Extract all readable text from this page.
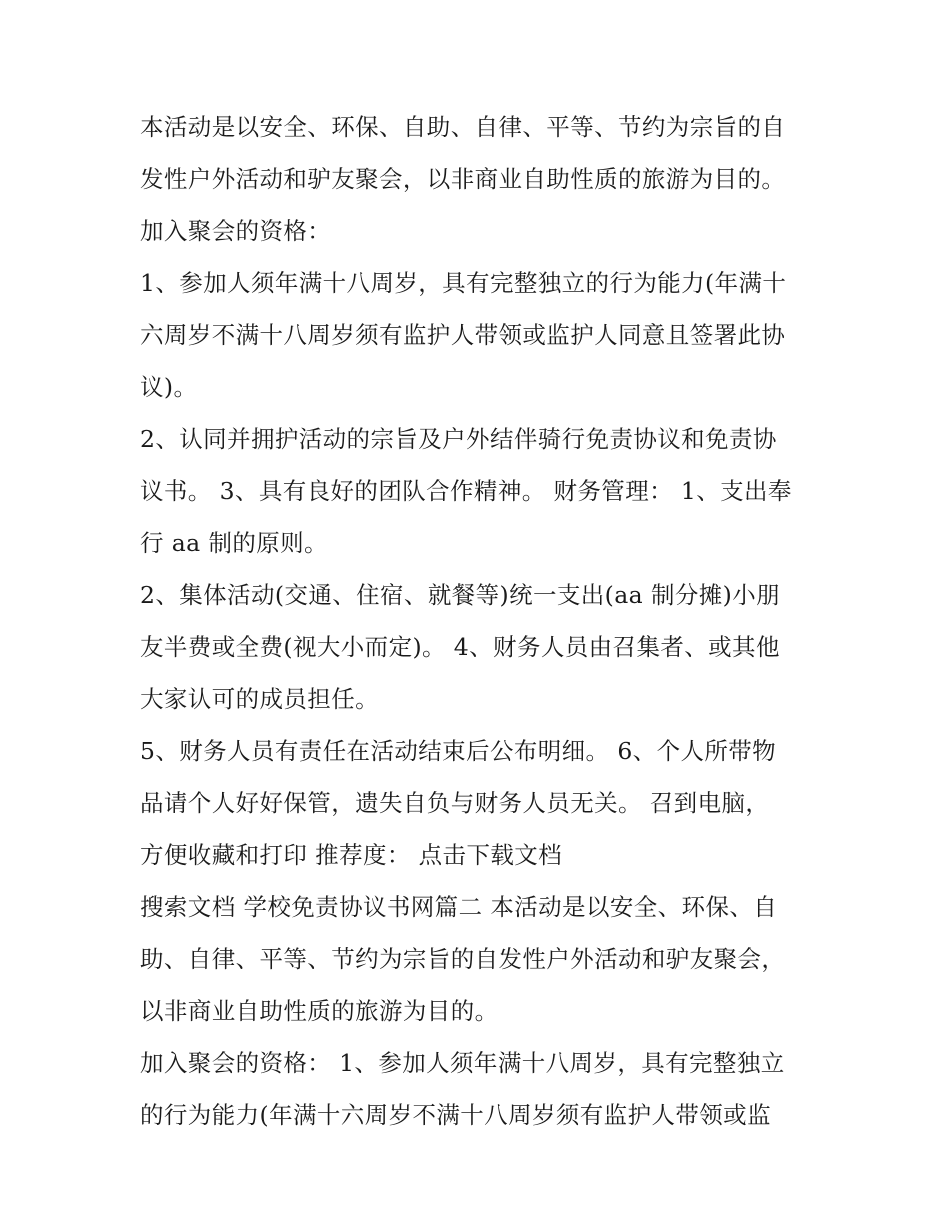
本活动是以安全、环保、自助、自律、平等、节约为宗旨的自
发性户外活动和驴友聚会，以非商业自助性质的旅游为目的。
加入聚会的资格：
1、参加人须年满十八周岁，具有完整独立的行为能力(年满十
六周岁不满十八周岁须有监护人带领或监护人同意且签署此协
议)。
2、认同并拥护活动的宗旨及户外结伴骑行免责协议和免责协
议书。 3、具有良好的团队合作精神。 财务管理： 1、支出奉
行 aa 制的原则。
2、集体活动(交通、住宿、就餐等)统一支出(aa 制分摊)小朋
友半费或全费(视大小而定)。 4、财务人员由召集者、或其他
大家认可的成员担任。
5、财务人员有责任在活动结束后公布明细。 6、个人所带物
品请个人好好保管，遗失自负与财务人员无关。 召到电脑，
方便收藏和打印 推荐度： 点击下载文档
搜索文档 学校免责协议书网篇二 本活动是以安全、环保、自
助、自律、平等、节约为宗旨的自发性户外活动和驴友聚会，
以非商业自助性质的旅游为目的。
加入聚会的资格： 1、参加人须年满十八周岁，具有完整独立
的行为能力(年满十六周岁不满十八周岁须有监护人带领或监
